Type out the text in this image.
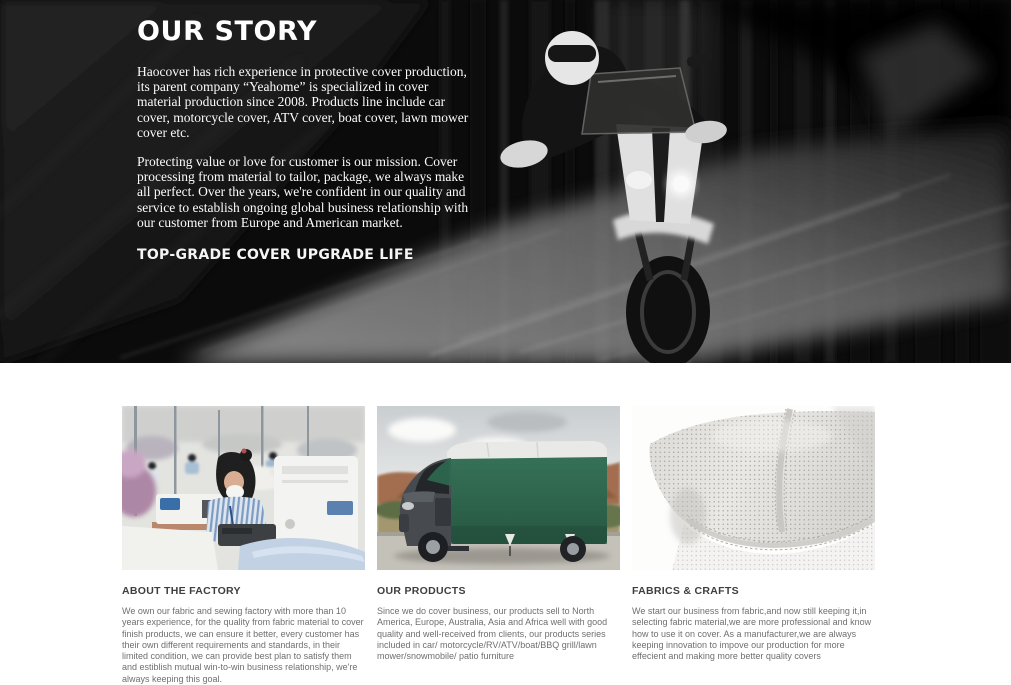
OUR STORY

Haocover has rich experience in protective cover production, its parent company “Yeahome” is specialized in cover material production since 2008. Products line include car cover, motorcycle cover, ATV cover, boat cover, lawn mower cover etc.

Protecting value or love for customer is our mission. Cover processing from material to tailor, package, we always make all perfect. Over the years, we're confident in our quality and service to establish ongoing global business relationship with our customer from Europe and American market.

TOP-GRADE COVER UPGRADE LIFE
ABOUT THE FACTORY

We own our fabric and sewing factory with more than 10 years experience, for the quality from fabric material to cover finish products, we can ensure it better, every customer has their own different requirements and standards, in their limited condition, we can provide best plan to satisfy them and estiblish mutual win-to-win business relationship, we're always keeping this goal.

OUR PRODUCTS

Since we do cover business, our products sell to North America, Europe, Australia, Asia and Africa well with good quality and well-received from clients, our products series included in car/ motorcycle/RV/ATV/boat/BBQ grill/lawn mower/snowmobile/ patio furniture

FABRICS & CRAFTS

We start our business from fabric,and now still keeping it,in selecting fabric material,we are more professional and know how to use it on cover. As a manufacturer,we are always keeping innovation to impove our production for more effecient and making more better quality covers
